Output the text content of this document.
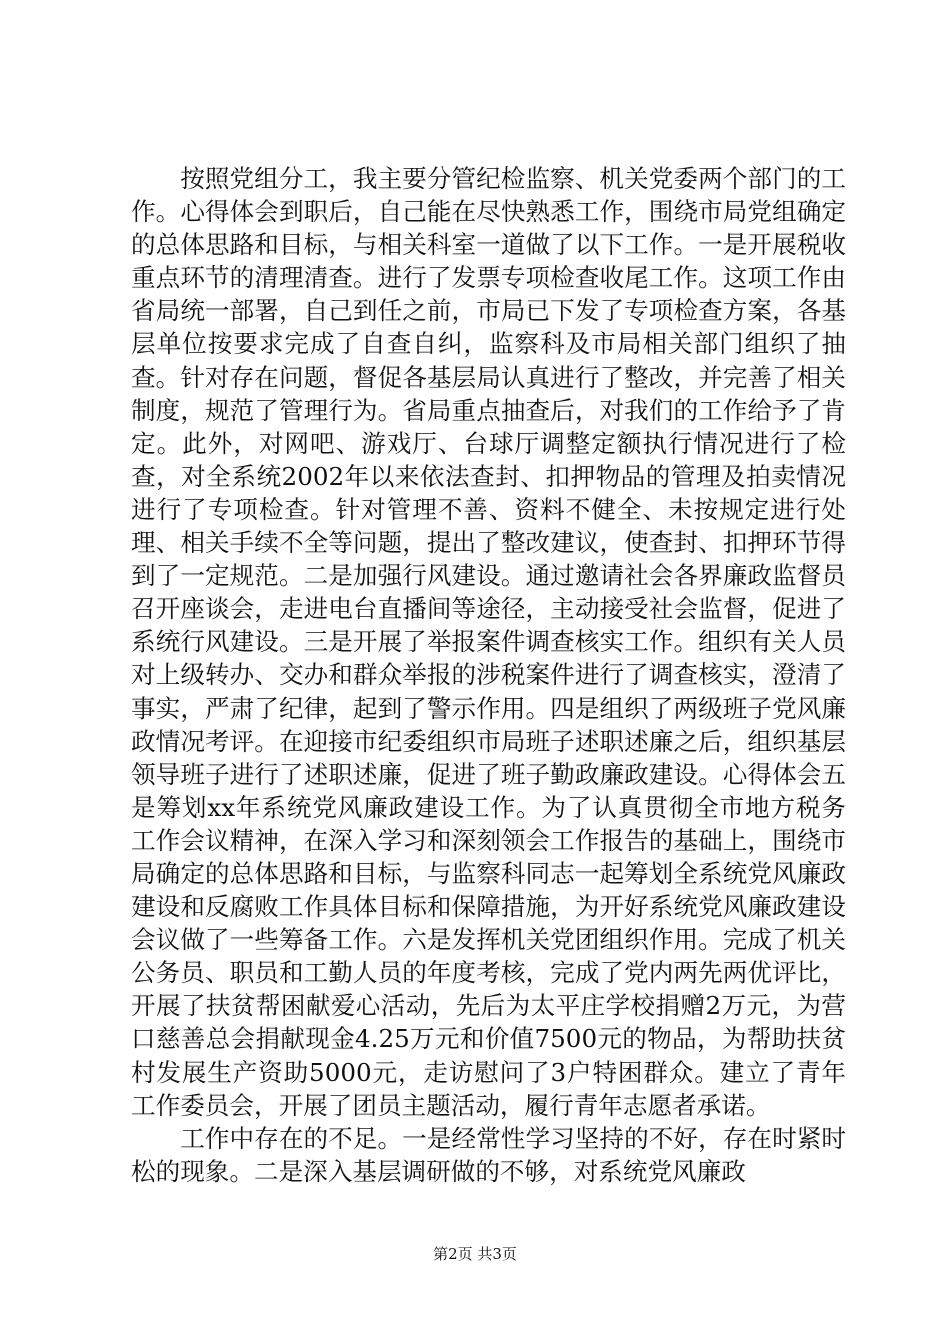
按照党组分工，我主要分管纪检监察、机关党委两个部门的工作。心得体会到职后，自己能在尽快熟悉工作，围绕市局党组确定的总体思路和目标，与相关科室一道做了以下工作。一是开展税收重点环节的清理清查。进行了发票专项检查收尾工作。这项工作由省局统一部署，自己到任之前，市局已下发了专项检查方案，各基层单位按要求完成了自查自纠，监察科及市局相关部门组织了抽查。针对存在问题，督促各基层局认真进行了整改，并完善了相关制度，规范了管理行为。省局重点抽查后，对我们的工作给予了肯定。此外，对网吧、游戏厅、台球厅调整定额执行情况进行了检查，对全系统2002年以来依法查封、扣押物品的管理及拍卖情况进行了专项检查。针对管理不善、资料不健全、未按规定进行处理、相关手续不全等问题，提出了整改建议，使查封、扣押环节得到了一定规范。二是加强行风建设。通过邀请社会各界廉政监督员召开座谈会，走进电台直播间等途径，主动接受社会监督，促进了系统行风建设。三是开展了举报案件调查核实工作。组织有关人员对上级转办、交办和群众举报的涉税案件进行了调查核实，澄清了事实，严肃了纪律，起到了警示作用。四是组织了两级班子党风廉政情况考评。在迎接市纪委组织市局班子述职述廉之后，组织基层领导班子进行了述职述廉，促进了班子勤政廉政建设。心得体会五是筹划xx年系统党风廉政建设工作。为了认真贯彻全市地方税务工作会议精神，在深入学习和深刻领会工作报告的基础上，围绕市局确定的总体思路和目标，与监察科同志一起筹划全系统党风廉政建设和反腐败工作具体目标和保障措施，为开好系统党风廉政建设会议做了一些筹备工作。六是发挥机关党团组织作用。完成了机关公务员、职员和工勤人员的年度考核，完成了党内两先两优评比，开展了扶贫帮困献爱心活动，先后为太平庄学校捐赠2万元，为营口慈善总会捐献现金4.25万元和价值7500元的物品，为帮助扶贫村发展生产资助5000元，走访慰问了3户特困群众。建立了青年工作委员会，开展了团员主题活动，履行青年志愿者承诺。

工作中存在的不足。一是经常性学习坚持的不好，存在时紧时松的现象。二是深入基层调研做的不够，对系统党风廉政

第2页 共3页
